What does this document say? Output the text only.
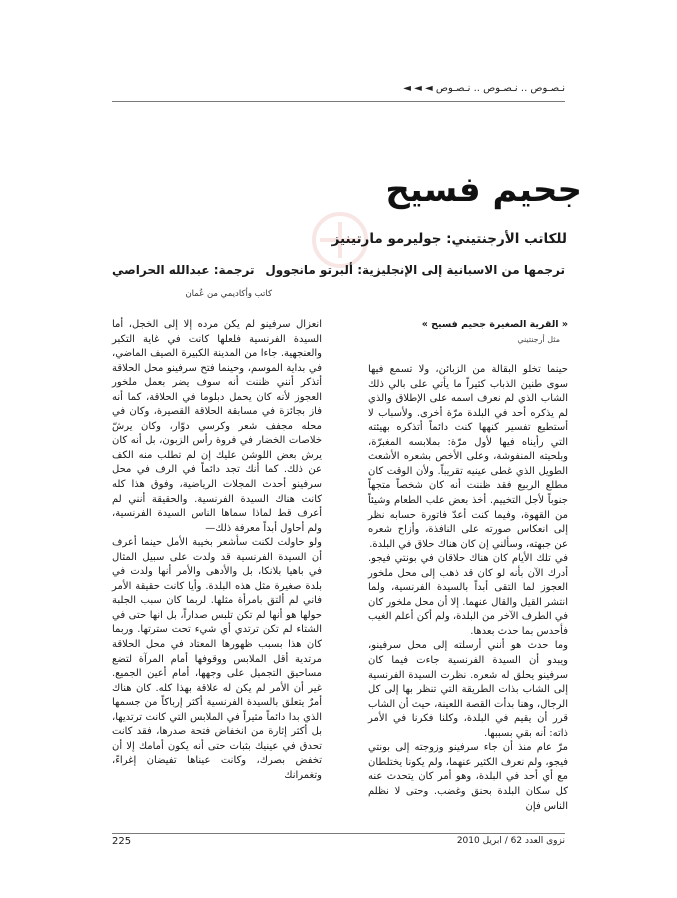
نـصـوص .. نـصـوص .. نـصـوص ◄ ◄ ◄
جحيم فسيح
للكاتب الأرجنتيني: جوليرمو مارتينيز
ترجمها من الاسبانية إلى الإنجليزية: ألبرتو مانجوول
ترجمة: عبدالله الحراصي
كاتب وأكاديمي من عُمان

« القرية الصغيرة جحيم فسيح »

مثل أرجنتيني

حينما تخلو البقالة من الزبائن، ولا تسمع فيها سوى طنين الذباب كثيراً ما يأتي على بالي ذلك الشاب الذي لم نعرف اسمه على الإطلاق والذي لم يذكره أحد في البلدة مرّة أخرى. ولأسباب لا أستطيع تفسير كنهها كنت دائماً أتذكره بهيئته التي رأيناه فيها لأول مرّة: بملابسه المغبرّة، وبلحيته المنفوشة، وعلى الأخص بشعره الأشعث الطويل الذي غطى عينيه تقريباً. ولأن الوقت كان مطلع الربيع فقد ظننت أنه كان شخصاً متجهاً جنوباً لأجل التخييم. أخذ بعض علب الطعام وشيئاً من القهوة، وفيما كنت أعدّ فاتورة حسابه نظر إلى انعكاس صورته على النافذة، وأزاح شعره عن جبهته، وسألني إن كان هناك حلاق في البلدة.

في تلك الأيام كان هناك حلاقان في بونتي فيجو. أدرك الآن بأنه لو كان قد ذهب إلى محل ملخور العجوز لما التقى أبداً بالسيدة الفرنسية، ولما انتشر القيل والقال عنهما. إلا أن محل ملخور كان في الطرف الآخر من البلدة، ولم أكن أعلم الغيب فأحدس بما حدث بعدها.

وما حدث هو أنني أرسلته إلى محل سرفينو، ويبدو أن السيدة الفرنسية جاءت فيما كان سرفينو يحلق له شعره. نظرت السيدة الفرنسية إلى الشاب بذات الطريقة التي تنظر بها إلى كل الرجال، وهنا بدأت القصة اللعينة، حيث أن الشاب قرر أن يقيم في البلدة، وكلنا فكرنا في الأمر ذاته: أنه بقي بسببها.

مرّ عام منذ أن جاء سرفينو وزوجته إلى بونتي فيجو، ولم نعرف الكثير عنهما، ولم يكونا يختلطان مع أي أحد في البلدة، وهو أمر كان يتحدث عنه كل سكان البلدة بحنق وغضب. وحتى لا نظلم الناس فإن

انعزال سرفينو لم يكن مرده إلا إلى الخجل، أما السيدة الفرنسية فلعلها كانت في غاية التكبر والعنجهية. جاءا من المدينة الكبيرة الصيف الماضي، في بداية الموسم، وحينما فتح سرفينو محل الحلاقة أتذكر أنني ظننت أنه سوف يضر بعمل ملخور العجوز لأنه كان يحمل دبلوما في الحلاقة، كما أنه فاز بجائزة في مسابقة الحلاقة القصيرة، وكان في محله مجفف شعر وكرسي دوّار، وكان يرشّ خلاصات الخضار في فروة رأس الزبون، بل أنه كان يرش بعض اللوشن عليك إن لم تطلب منه الكف عن ذلك. كما أنك تجد دائماً في الرف في محل سرفينو أحدث المجلات الرياضية، وفوق هذا كله كانت هناك السيدة الفرنسية. والحقيقة أنني لم أعرف قط لماذا سماها الناس السيدة الفرنسية، ولم أحاول أبداً معرفة ذلك—

ولو حاولت لكنت سأشعر بخيبة الأمل حينما أعرف أن السيدة الفرنسية قد ولدت على سبيل المثال في باهيا بلانكا، بل والأدهى والأمر أنها ولدت في بلدة صغيرة مثل هذه البلدة. وأيا كانت حقيقة الأمر فاني لم ألتق بامرأة مثلها. لربما كان سبب الجلبة حولها هو أنها لم تكن تلبس صداراً، بل انها حتى في الشتاء لم تكن ترتدي أي شيء تحت سترتها. وربما كان هذا بسبب ظهورها المعتاد في محل الحلاقة مرتدية أقل الملابس ووقوفها أمام المرآة لتضع مساحيق التجميل على وجهها، أمام أعين الجميع. غير أن الأمر لم يكن له علاقة بهذا كله. كان هناك أمرٌ يتعلق بالسيدة الفرنسية أكثر إرباكاً من جسمها الذي بدا دائماً مثيراً في الملابس التي كانت ترتديها، بل أكثر إثارة من انخفاض فتحة صدرها، فقد كانت تحدق في عينيك بثبات حتى أنه يكون أمامك إلا أن تخفض بصرك، وكانت عيناها تفيضان إغراءً، وتغمرانك

225	نزوى العدد 62 / ابريل 2010
